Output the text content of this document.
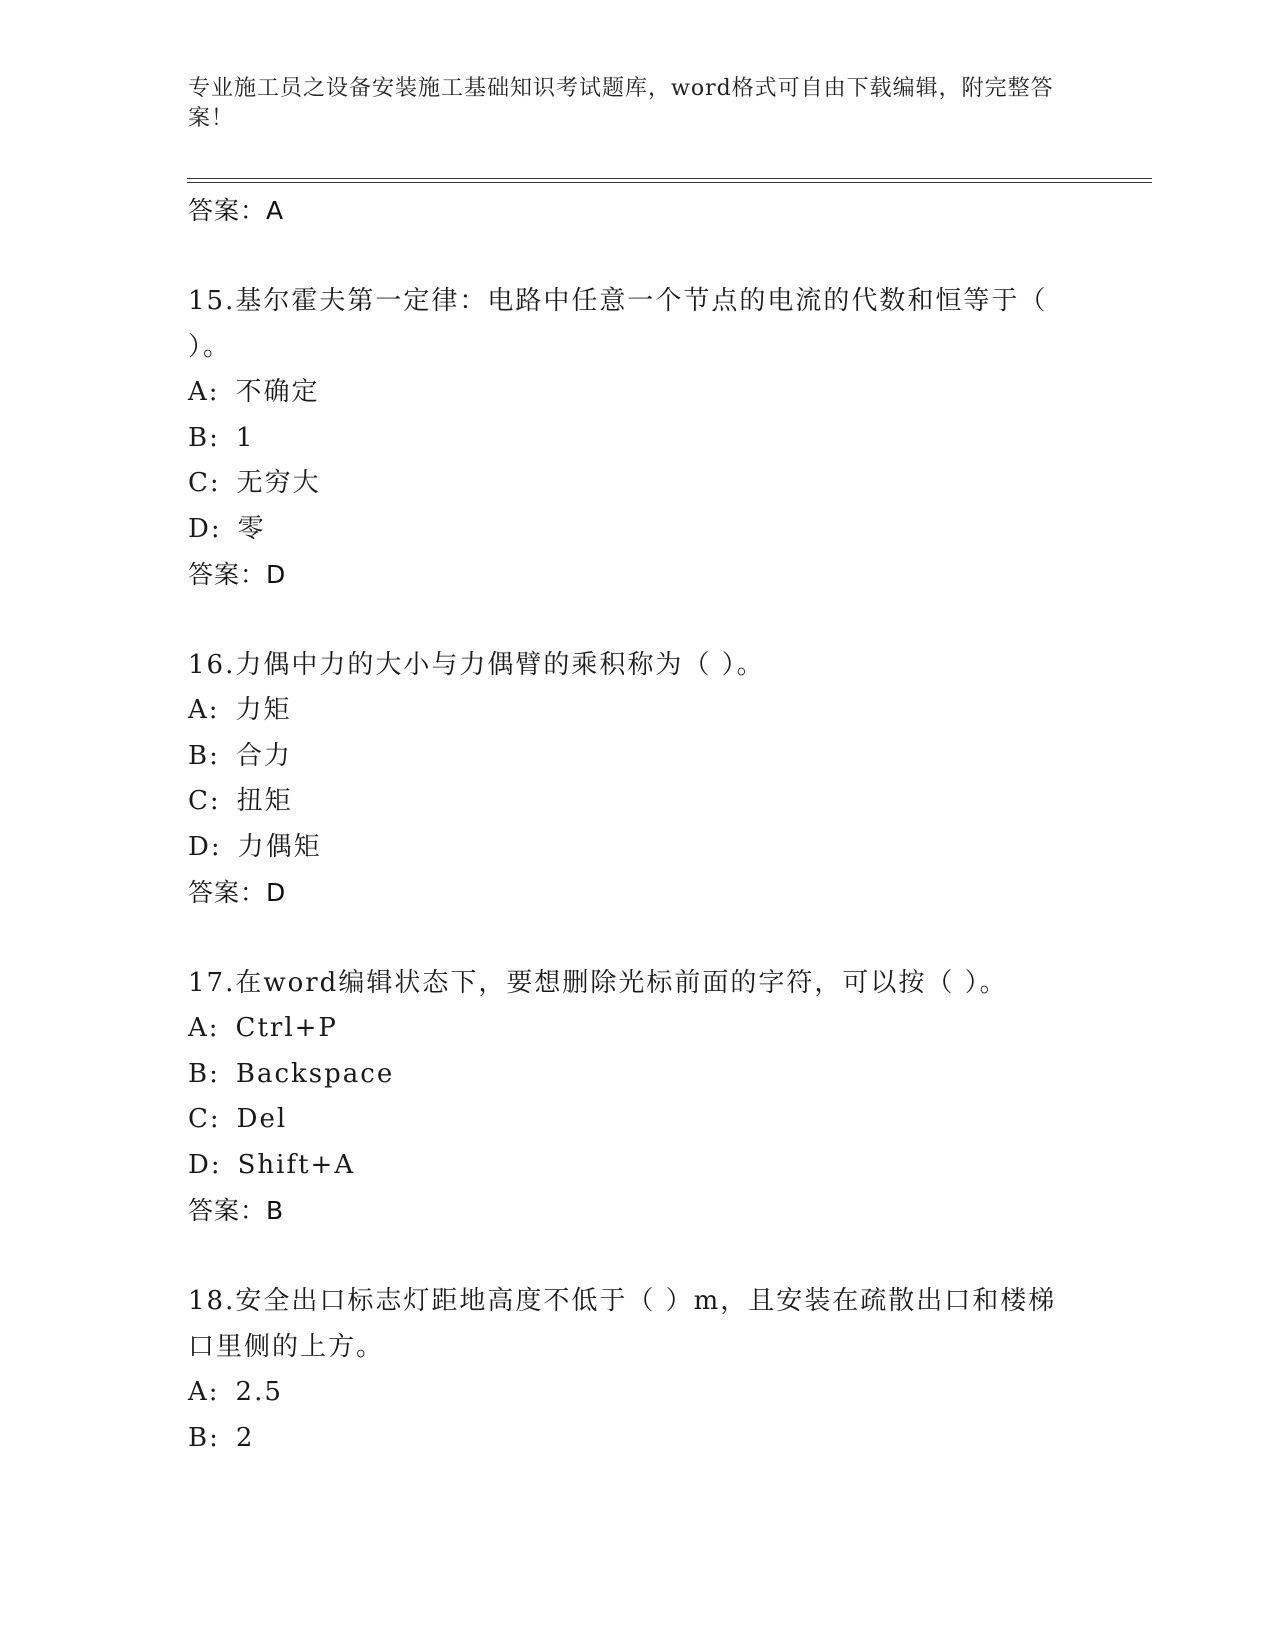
专业施工员之设备安装施工基础知识考试题库，word格式可自由下载编辑，附完整答案！
答案：A
15.基尔霍夫第一定律：电路中任意一个节点的电流的代数和恒等于（ ）。
A: 不确定
B: 1
C: 无穷大
D: 零
答案：D
16.力偶中力的大小与力偶臂的乘积称为（ ）。
A: 力矩
B: 合力
C: 扭矩
D: 力偶矩
答案：D
17.在word编辑状态下，要想删除光标前面的字符，可以按（ ）。
A: Ctrl+P
B: Backspace
C: Del
D: Shift+A
答案：B
18.安全出口标志灯距地高度不低于（ ）m，且安装在疏散出口和楼梯口里侧的上方。
A: 2.5
B: 2
